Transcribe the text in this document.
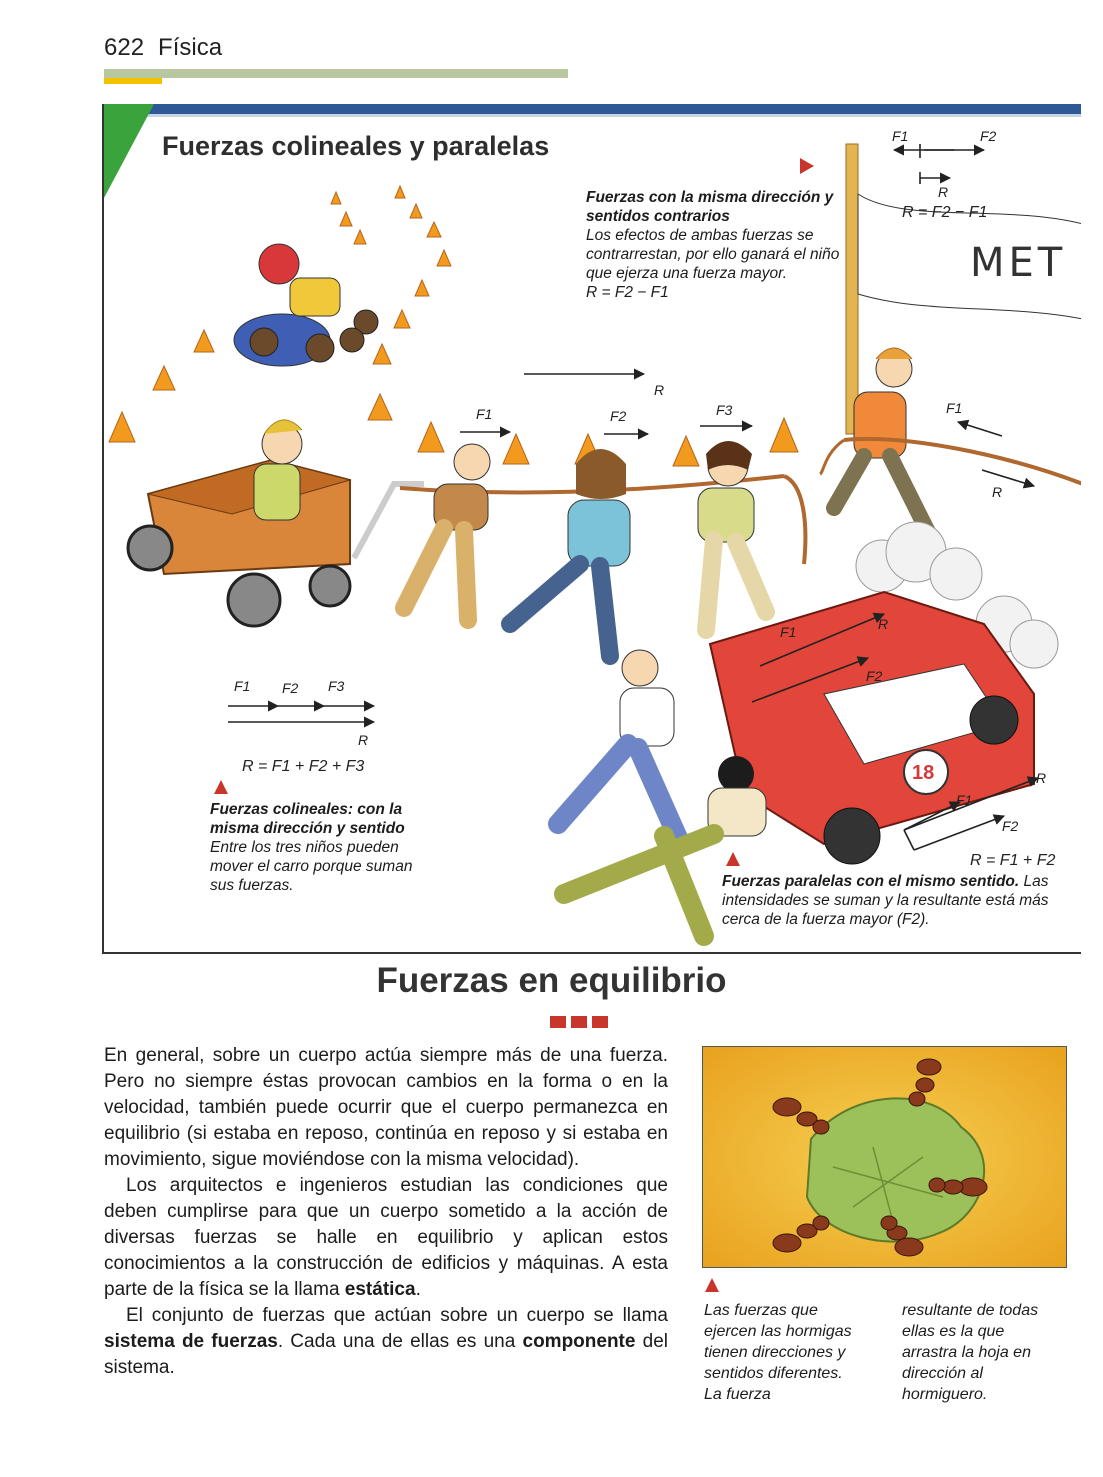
622 Física
Fuerzas colineales y paralelas
18
F1	F2
R
R = F2 − F1
MET
R
F1	F2	F3	F1
R
F1
F2
R
R
F1
F2
R = F1 + F2
F1 F2 F3
R
R = F1 + F2 + F3
Fuerzas con la misma dirección y sentidos contrarios
Los efectos de ambas fuerzas se contrarrestan, por ello ganará el niño que ejerza una fuerza mayor.
R = F2 − F1
Fuerzas colineales: con la misma dirección y sentido
Entre los tres niños pueden mover el carro porque suman sus fuerzas.	Fuerzas paralelas con el mismo sentido. Las intensidades se suman y la resultante está más cerca de la fuerza mayor (F2).
Fuerzas en equilibrio

En general, sobre un cuerpo actúa siempre más de una fuerza. Pero no siempre éstas provocan cambios en la forma o en la velocidad, también puede ocurrir que el cuerpo permanezca en equilibrio (si estaba en reposo, continúa en reposo y si estaba en movimiento, sigue moviéndose con la misma velocidad).

Los arquitectos e ingenieros estudian las condiciones que deben cumplirse para que un cuerpo sometido a la acción de diversas fuerzas se halle en equilibrio y aplican estos conocimientos a la construcción de edificios y máquinas. A esta parte de la física se la llama estática.

El conjunto de fuerzas que actúan sobre un cuerpo se llama sistema de fuerzas. Cada una de ellas es una componente del sistema.

Las fuerzas que ejercen las hormigas tienen direcciones y sentidos diferentes. La fuerza
resultante de todas ellas es la que arrastra la hoja en dirección al hormiguero.
